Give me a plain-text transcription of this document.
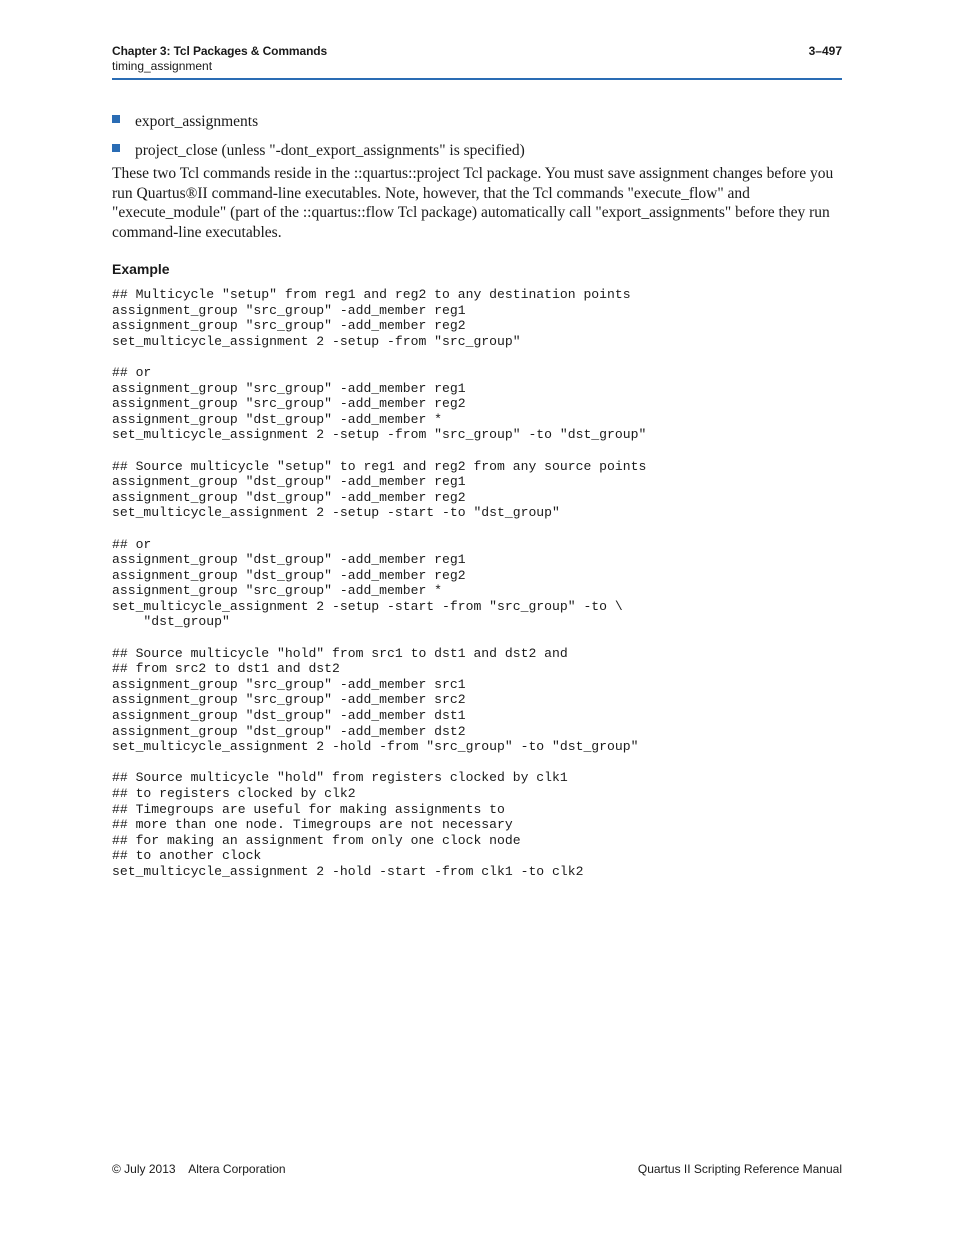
Chapter 3: Tcl Packages & Commands	3–497
timing_assignment
export_assignments
project_close (unless "-dont_export_assignments" is specified)

These two Tcl commands reside in the ::quartus::project Tcl package. You must save assignment changes before you run Quartus®II command-line executables. Note, however, that the Tcl commands "execute_flow" and "execute_module" (part of the ::quartus::flow Tcl package) automatically call "export_assignments" before they run command-line executables.

Example
## Multicycle "setup" from reg1 and reg2 to any destination points
assignment_group "src_group" -add_member reg1
assignment_group "src_group" -add_member reg2
set_multicycle_assignment 2 -setup -from "src_group"
## or
assignment_group "src_group" -add_member reg1
assignment_group "src_group" -add_member reg2
assignment_group "dst_group" -add_member *
set_multicycle_assignment 2 -setup -from "src_group" -to "dst_group"
## Source multicycle "setup" to reg1 and reg2 from any source points
assignment_group "dst_group" -add_member reg1
assignment_group "dst_group" -add_member reg2
set_multicycle_assignment 2 -setup -start -to "dst_group"
## or
assignment_group "dst_group" -add_member reg1
assignment_group "dst_group" -add_member reg2
assignment_group "src_group" -add_member *
set_multicycle_assignment 2 -setup -start -from "src_group" -to \
"dst_group"
## Source multicycle "hold" from src1 to dst1 and dst2 and
## from src2 to dst1 and dst2
assignment_group "src_group" -add_member src1
assignment_group "src_group" -add_member src2
assignment_group "dst_group" -add_member dst1
assignment_group "dst_group" -add_member dst2
set_multicycle_assignment 2 -hold -from "src_group" -to "dst_group"
## Source multicycle "hold" from registers clocked by clk1
## to registers clocked by clk2
## Timegroups are useful for making assignments to
## more than one node. Timegroups are not necessary
## for making an assignment from only one clock node
## to another clock
set_multicycle_assignment 2 -hold -start -from clk1 -to clk2
© July 2013    Altera Corporation	Quartus II Scripting Reference Manual
